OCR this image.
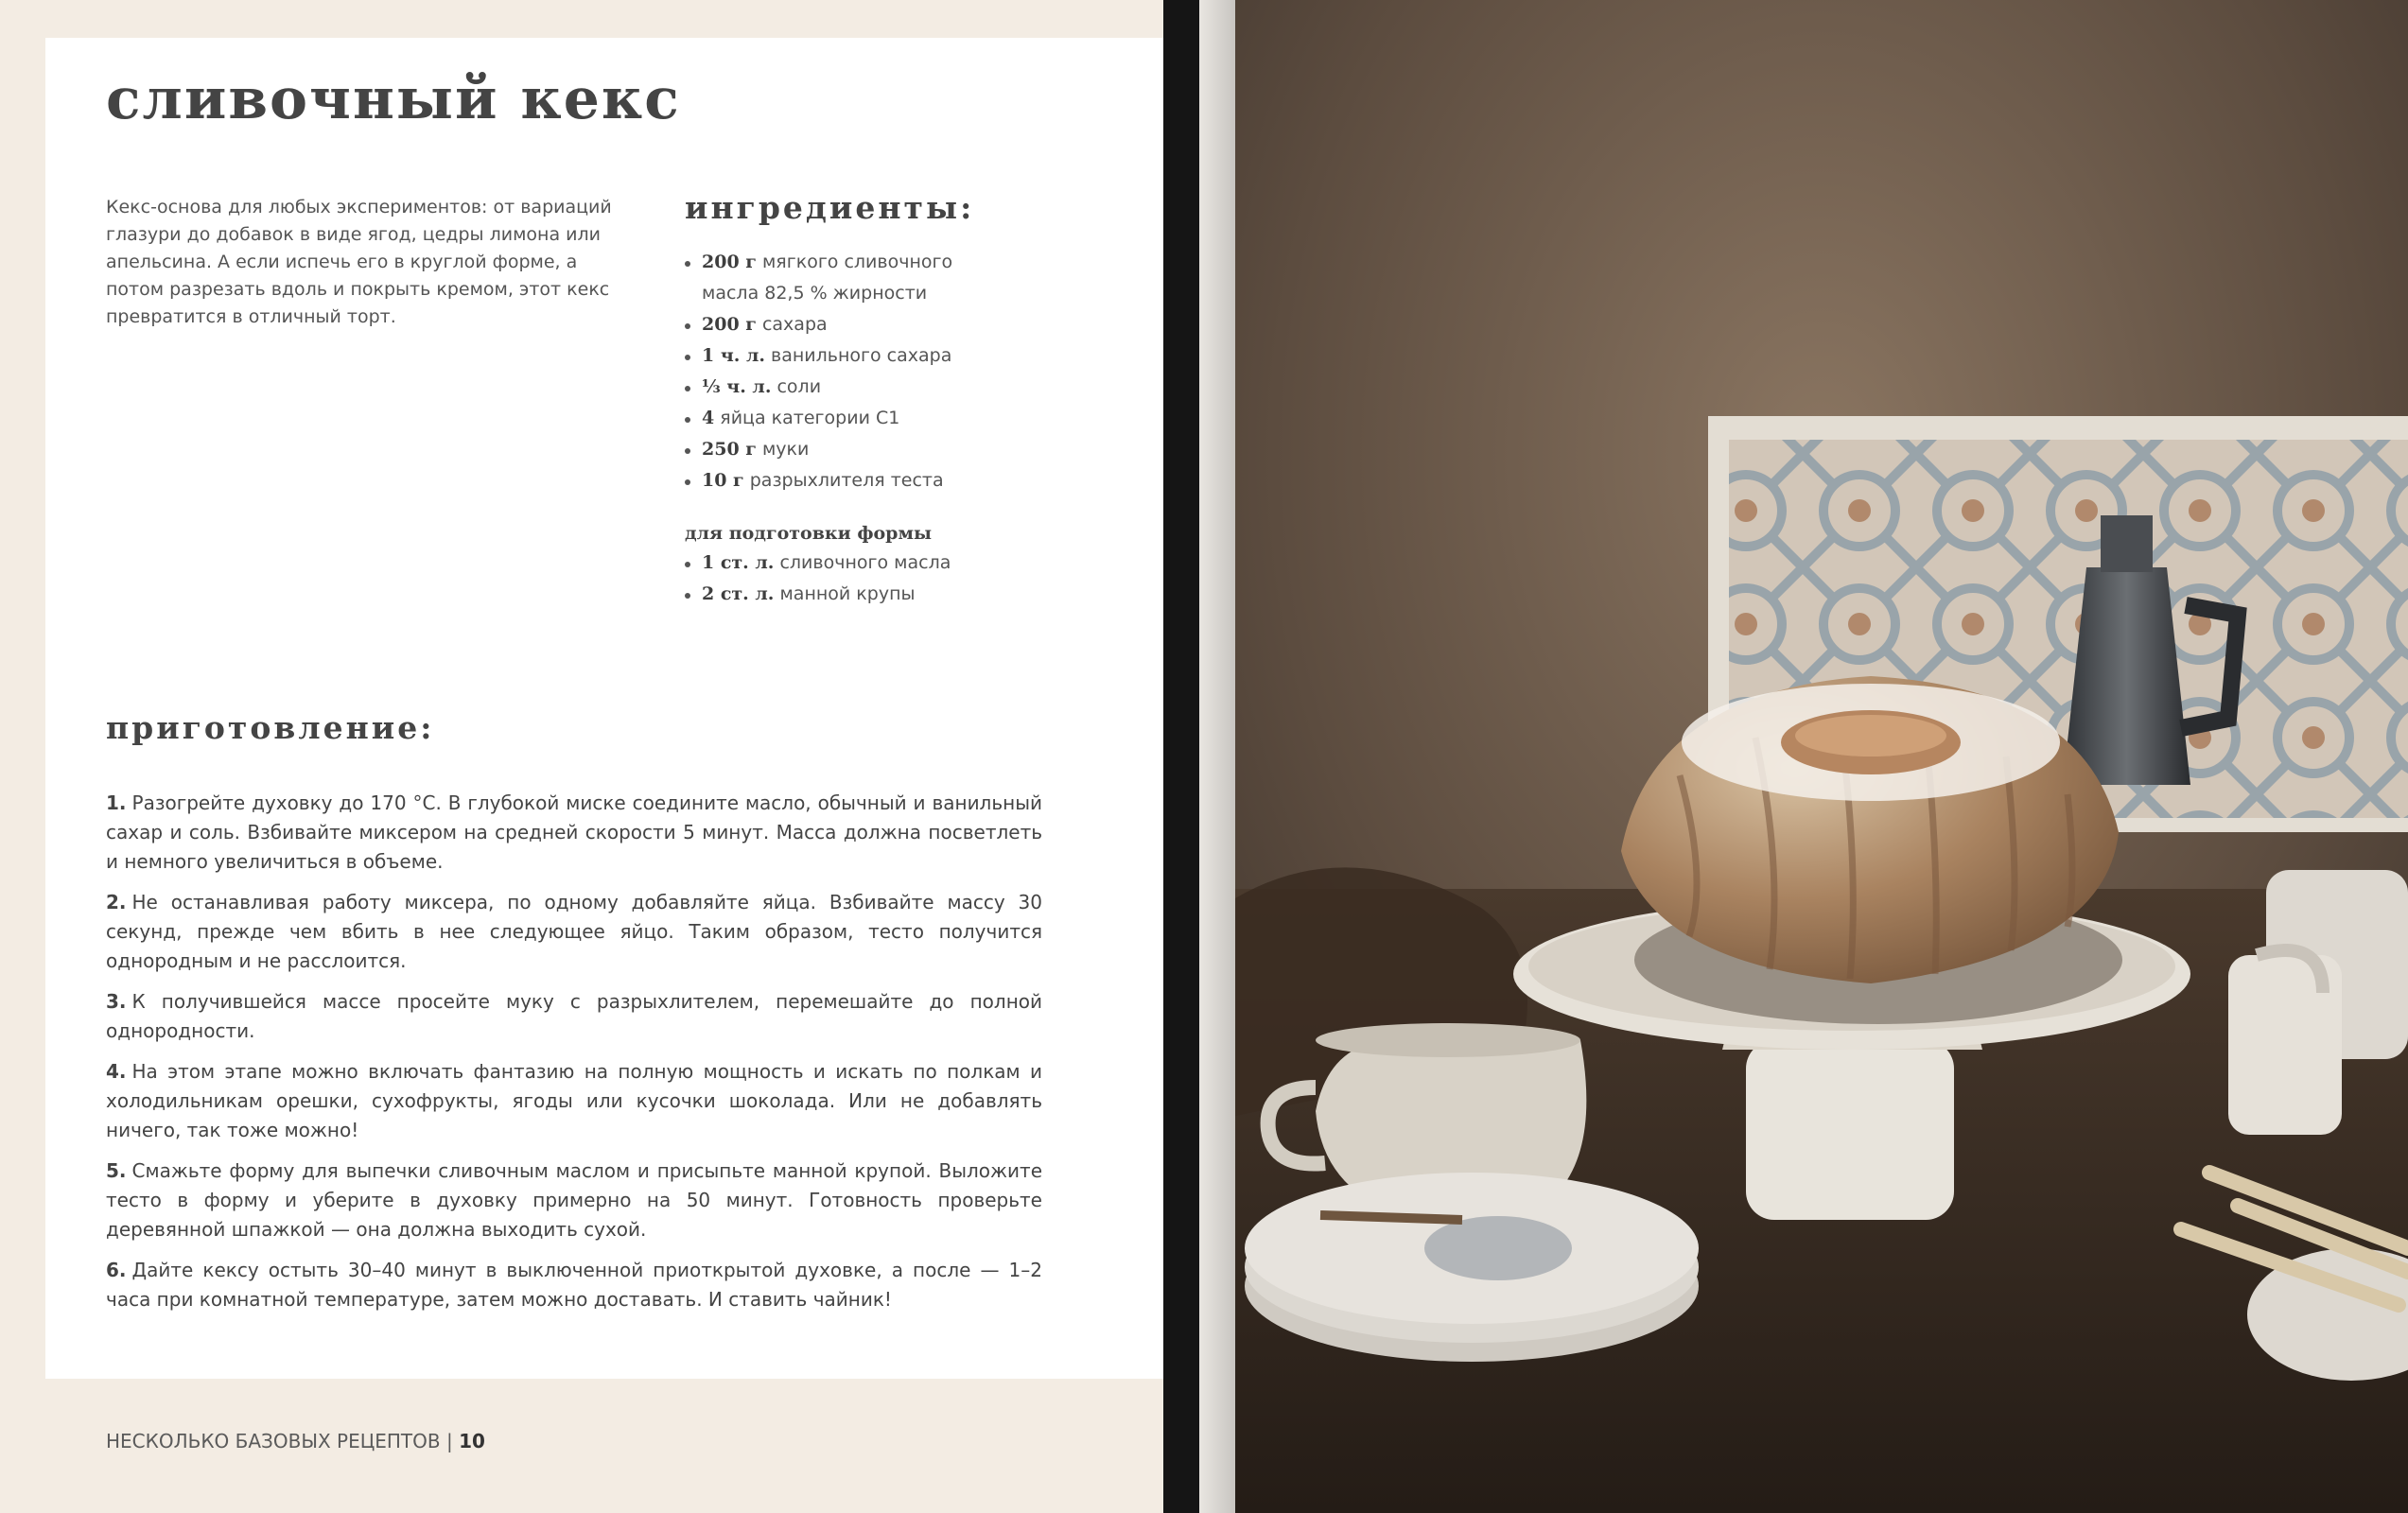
сливочный кекс
Кекс-основа для любых экспериментов: от вариаций глазури до добавок в виде ягод, цедры лимона или апельсина. А если испечь его в круглой форме, а потом разрезать вдоль и покрыть кремом, этот кекс превратится в отличный торт.
ингредиенты:
200 г мягкого сливочного
масла 82,5 % жирности
200 г сахара
1 ч. л. ванильного сахара
⅓ ч. л. соли
4 яйца категории С1
250 г муки
10 г разрыхлителя теста

для подготовки формы

1 ст. л. сливочного масла
2 ст. л. манной крупы
приготовление:

1. Разогрейте духовку до 170 °С. В глубокой миске соедините масло, обычный и ванильный сахар и соль. Взбивайте миксером на средней скорости 5 минут. Масса должна посветлеть и немного увеличиться в объеме.

2. Не останавливая работу миксера, по одному добавляйте яйца. Взбивайте массу 30 секунд, прежде чем вбить в нее следующее яйцо. Таким образом, тесто получится однородным и не расслоится.

3. К получившейся массе просейте муку с разрыхлителем, перемешайте до полной однородности.

4. На этом этапе можно включать фантазию на полную мощность и искать по полкам и холодильникам орешки, сухофрукты, ягоды или кусочки шоколада. Или не добавлять ничего, так тоже можно!

5. Смажьте форму для выпечки сливочным маслом и присыпьте манной крупой. Выложите тесто в форму и уберите в духовку примерно на 50 минут. Готовность проверьте деревянной шпажкой — она должна выходить сухой.

6. Дайте кексу остыть 30–40 минут в выключенной приоткрытой духовке, а после — 1–2 часа при комнатной температуре, затем можно доставать. И ставить чайник!

НЕСКОЛЬКО БАЗОВЫХ РЕЦЕПТОВ | 10
